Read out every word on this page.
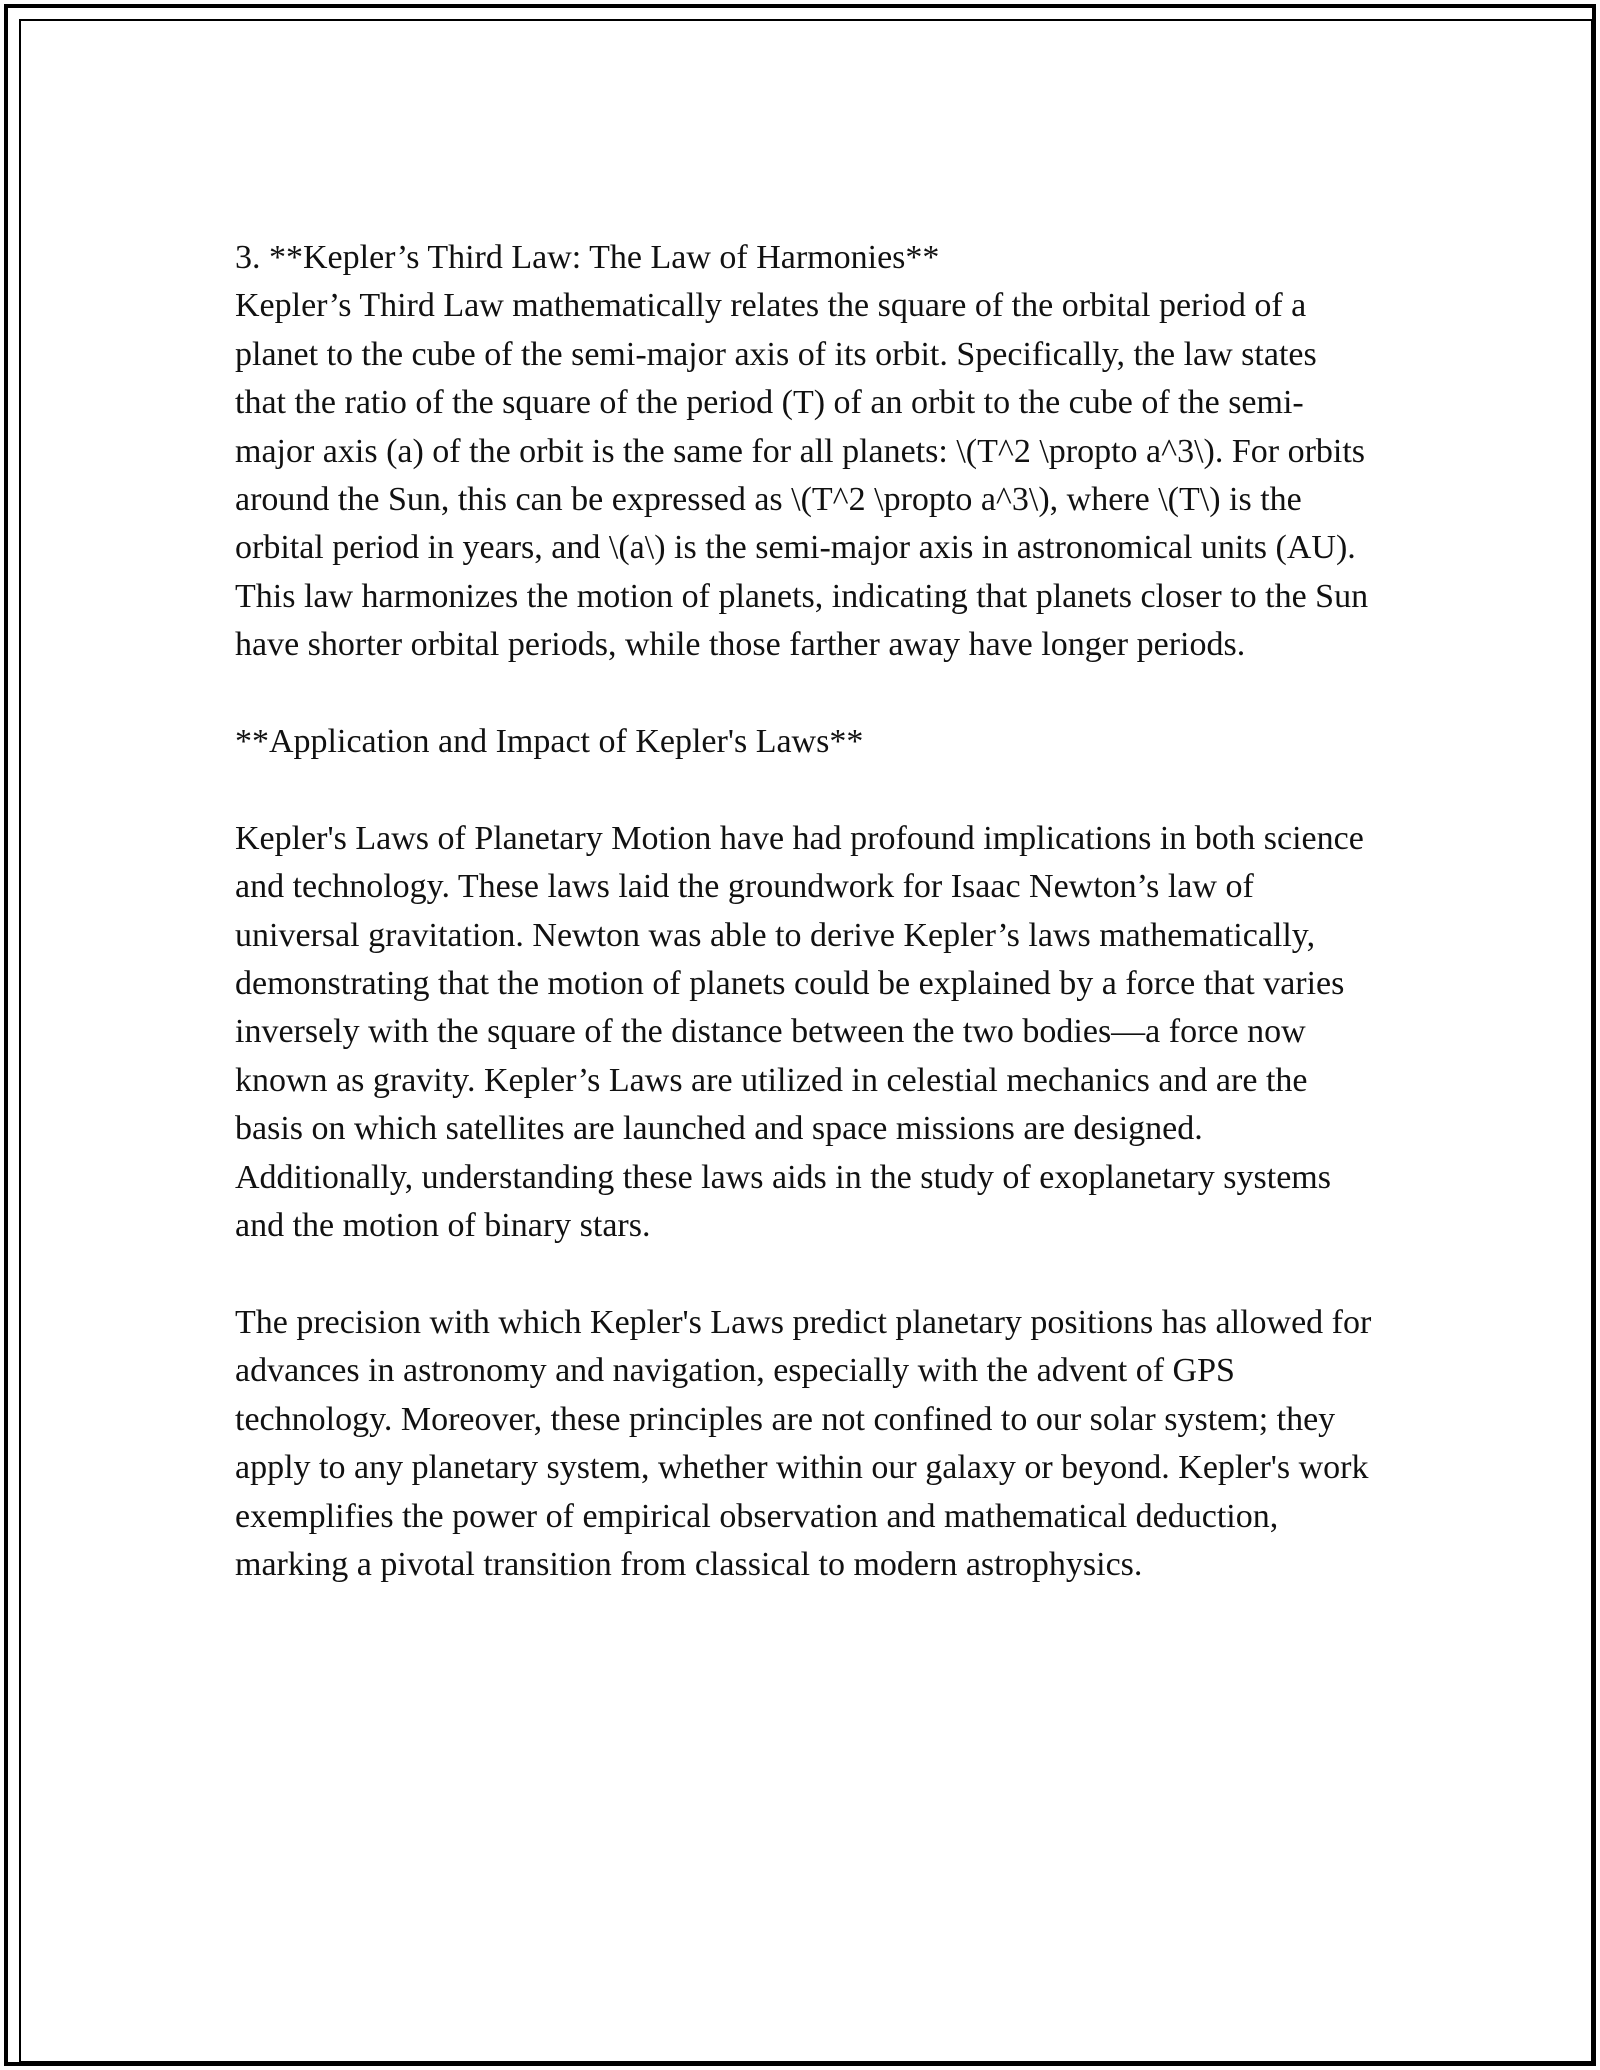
3. **Kepler’s Third Law: The Law of Harmonies**

Kepler’s Third Law mathematically relates the square of the orbital period of a planet to the cube of the semi-major axis of its orbit. Specifically, the law states that the ratio of the square of the period (T) of an orbit to the cube of the semi-major axis (a) of the orbit is the same for all planets: \(T^2 \propto a^3\). For orbits around the Sun, this can be expressed as \(T^2 \propto a^3\), where \(T\) is the orbital period in years, and \(a\) is the semi-major axis in astronomical units (AU). This law harmonizes the motion of planets, indicating that planets closer to the Sun have shorter orbital periods, while those farther away have longer periods.

**Application and Impact of Kepler's Laws**

Kepler's Laws of Planetary Motion have had profound implications in both science and technology. These laws laid the groundwork for Isaac Newton’s law of universal gravitation. Newton was able to derive Kepler’s laws mathematically, demonstrating that the motion of planets could be explained by a force that varies inversely with the square of the distance between the two bodies—a force now known as gravity. Kepler’s Laws are utilized in celestial mechanics and are the basis on which satellites are launched and space missions are designed. Additionally, understanding these laws aids in the study of exoplanetary systems and the motion of binary stars.

The precision with which Kepler's Laws predict planetary positions has allowed for advances in astronomy and navigation, especially with the advent of GPS technology. Moreover, these principles are not confined to our solar system; they apply to any planetary system, whether within our galaxy or beyond. Kepler's work exemplifies the power of empirical observation and mathematical deduction, marking a pivotal transition from classical to modern astrophysics.
